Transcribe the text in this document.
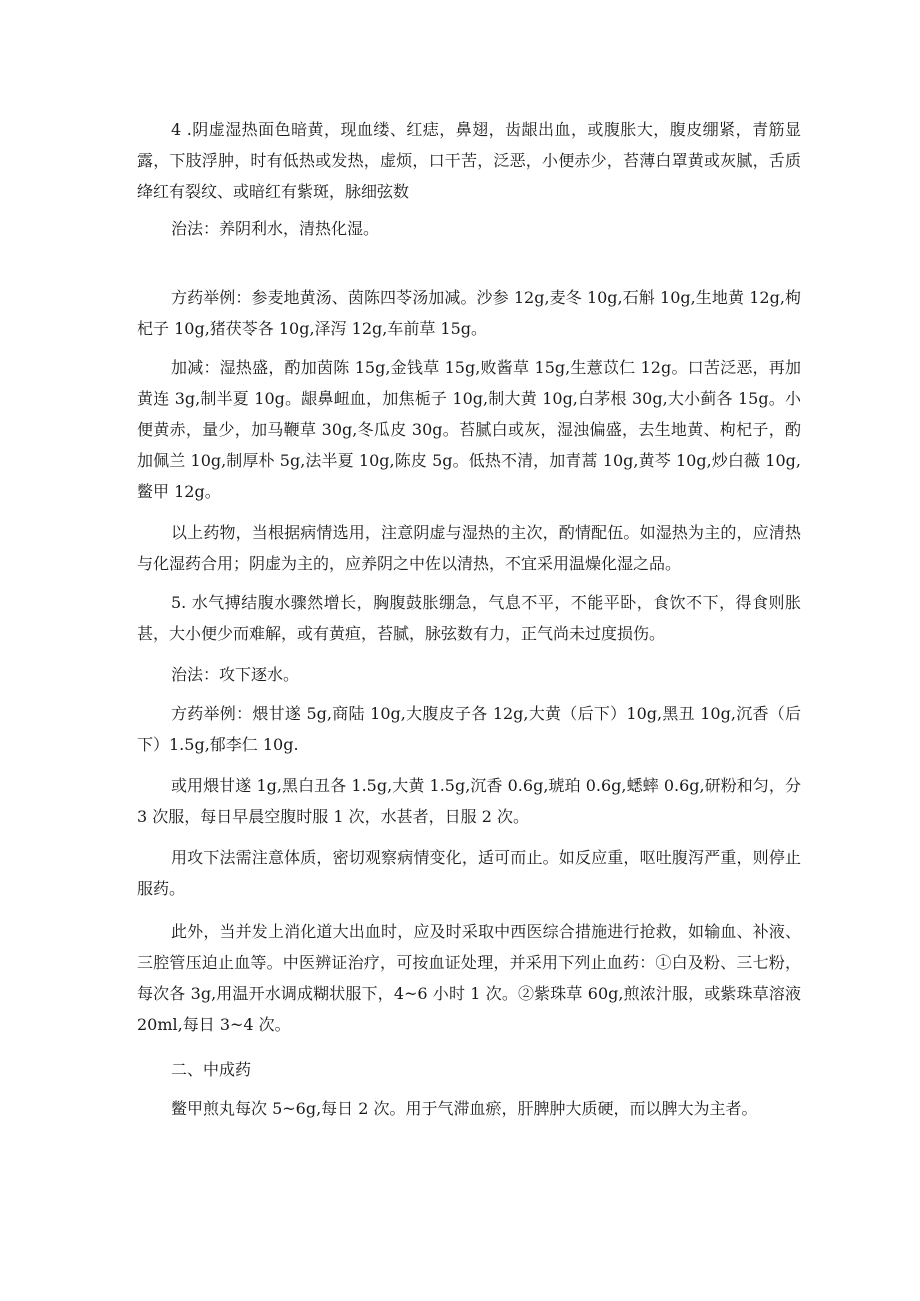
4 .阴虚湿热面色暗黄，现血缕、红痣，鼻翅，齿龈出血，或腹胀大，腹皮绷紧，青筋显露，下肢浮肿，时有低热或发热，虚烦，口干苦，泛恶，小便赤少，苔薄白罩黄或灰腻，舌质绛红有裂纹、或暗红有紫斑，脉细弦数

治法：养阴利水，清热化湿。

方药举例：参麦地黄汤、茵陈四苓汤加减。沙参 12g,麦冬 10g,石斛 10g,生地黄 12g,枸杞子 10g,猪茯苓各 10g,泽泻 12g,车前草 15g。

加减：湿热盛，酌加茵陈 15g,金钱草 15g,败酱草 15g,生薏苡仁 12g。口苦泛恶，再加黄连 3g,制半夏 10g。龈鼻衄血，加焦栀子 10g,制大黄 10g,白茅根 30g,大小蓟各 15g。小便黄赤，量少，加马鞭草 30g,冬瓜皮 30g。苔腻白或灰，湿浊偏盛，去生地黄、枸杞子，酌加佩兰 10g,制厚朴 5g,法半夏 10g,陈皮 5g。低热不清，加青蒿 10g,黄芩 10g,炒白薇 10g,鳖甲 12g。

以上药物，当根据病情选用，注意阴虚与湿热的主次，酌情配伍。如湿热为主的，应清热与化湿药合用；阴虚为主的，应养阴之中佐以清热，不宜采用温燥化湿之品。

5. 水气搏结腹水骤然增长，胸腹鼓胀绷急，气息不平，不能平卧，食饮不下，得食则胀甚，大小便少而难解，或有黄疸，苔腻，脉弦数有力，正气尚未过度损伤。

治法：攻下逐水。

方药举例：煨甘遂 5g,商陆 10g,大腹皮子各 12g,大黄（后下）10g,黑丑 10g,沉香（后下）1.5g,郁李仁 10g.

或用煨甘遂 1g,黑白丑各 1.5g,大黄 1.5g,沉香 0.6g,琥珀 0.6g,蟋蟀 0.6g,研粉和匀，分 3 次服，每日早晨空腹时服 1 次，水甚者，日服 2 次。

用攻下法需注意体质，密切观察病情变化，适可而止。如反应重，呕吐腹泻严重，则停止服药。

此外，当并发上消化道大出血时，应及时采取中西医综合措施进行抢救，如输血、补液、三腔管压迫止血等。中医辨证治疗，可按血证处理，并采用下列止血药：①白及粉、三七粉，每次各 3g,用温开水调成糊状服下，4~6 小时 1 次。②紫珠草 60g,煎浓汁服，或紫珠草溶液 20ml,每日 3~4 次。

二、中成药

鳖甲煎丸每次 5~6g,每日 2 次。用于气滞血瘀，肝脾肿大质硬，而以脾大为主者。
